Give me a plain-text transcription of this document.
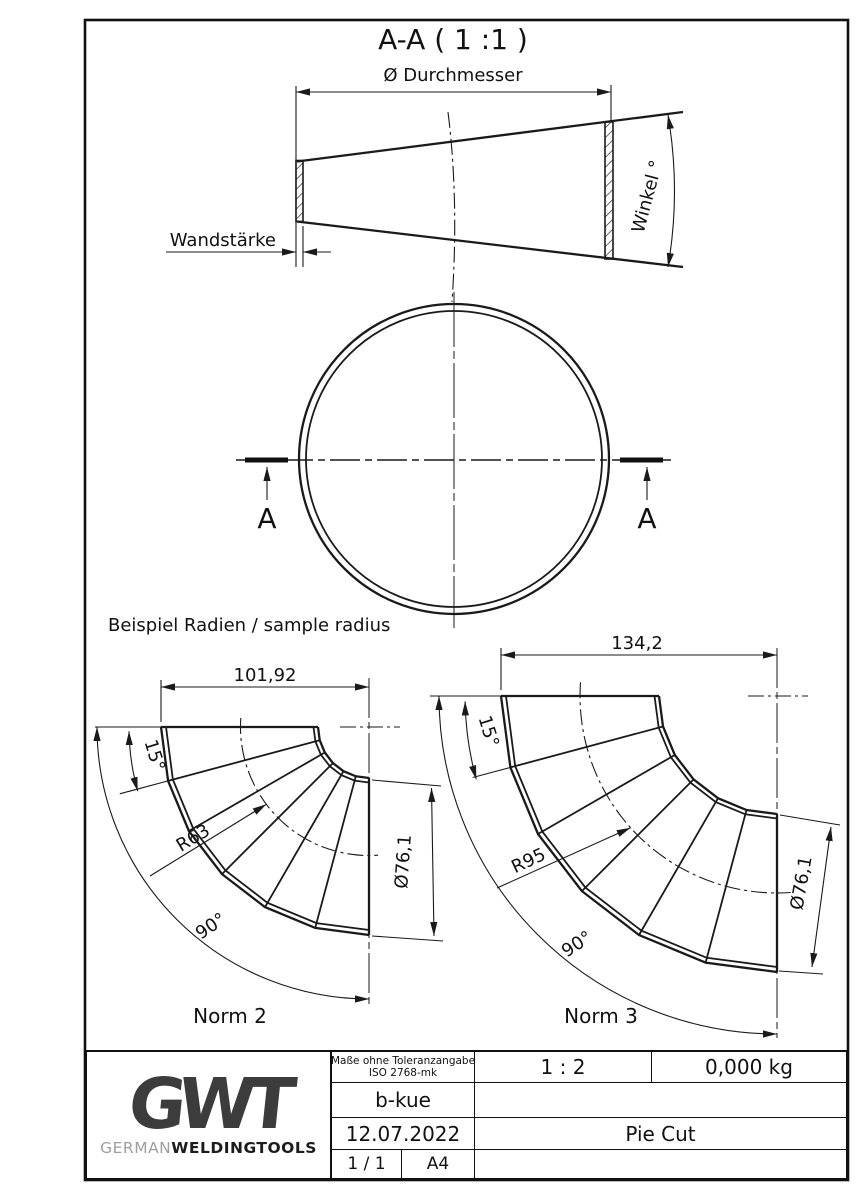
A-A ( 1 :1 )
Ø Durchmesser
Wandstärke
Winkel °
A	A
Beispiel Radien / sample radius
101,92
15°
R63
90°
Ø76,1
Norm 2
134,2
15°
R95
90°
Ø76,1
Norm 3
GWT
GERMANWELDINGTOOLS
Maße ohne Toleranzangabe
ISO 2768-mk	1 : 2	0,000 kg
b-kue
12.07.2022	Pie Cut
1 / 1	A4
